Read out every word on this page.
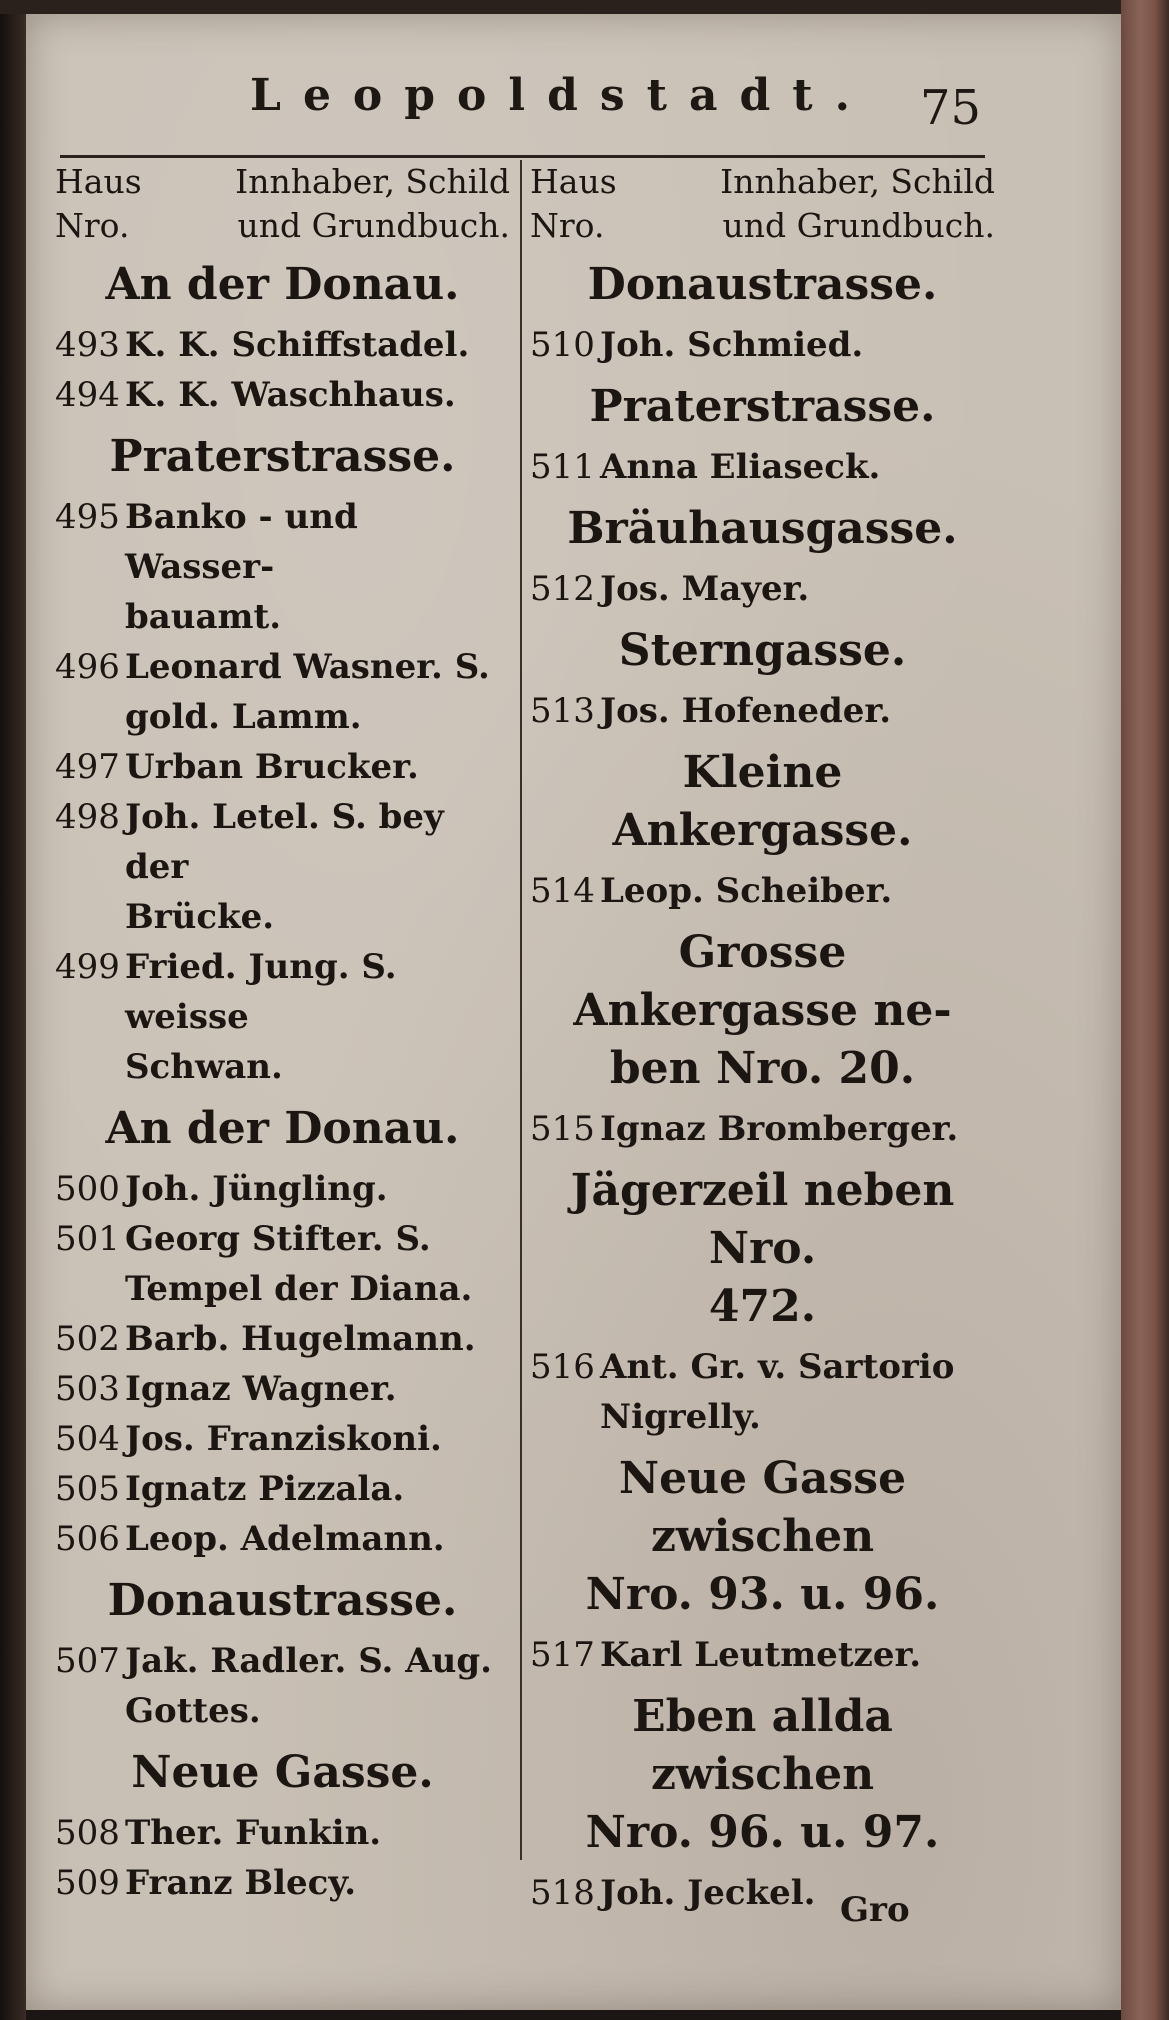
Leopoldstadt. 75
Haus	Innhaber, Schild
Nro.	und Grundbuch.
An der Donau.
493 K. K. Schiffstadel.
494 K. K. Waschhaus.
Praterstrasse.
495 Banko - und Wasser-
bauamt.
496 Leonard Wasner. S.
gold. Lamm.
497 Urban Brucker.
498 Joh. Letel. S. bey der
Brücke.
499 Fried. Jung. S. weisse
Schwan.
An der Donau.
500 Joh. Jüngling.
501 Georg Stifter. S.
Tempel der Diana.
502 Barb. Hugelmann.
503 Ignaz Wagner.
504 Jos. Franziskoni.
505 Ignatz Pizzala.
506 Leop. Adelmann.
Donaustrasse.
507 Jak. Radler. S. Aug.
Gottes.
Neue Gasse.
508 Ther. Funkin.
509 Franz Blecy.
Haus	Innhaber, Schild
Nro.	und Grundbuch.
Donaustrasse.
510 Joh. Schmied.
Praterstrasse.
511 Anna Eliaseck.
Bräuhausgasse.
512 Jos. Mayer.
Sterngasse.
513 Jos. Hofeneder.
Kleine Ankergasse.
514 Leop. Scheiber.
Grosse Ankergasse ne-
ben Nro. 20.
515 Ignaz Bromberger.
Jägerzeil neben Nro.
472.
516 Ant. Gr. v. Sartorio
Nigrelly.
Neue Gasse zwischen
Nro. 93. u. 96.
517 Karl Leutmetzer.
Eben allda zwischen
Nro. 96. u. 97.
518 Joh. Jeckel. Gro
